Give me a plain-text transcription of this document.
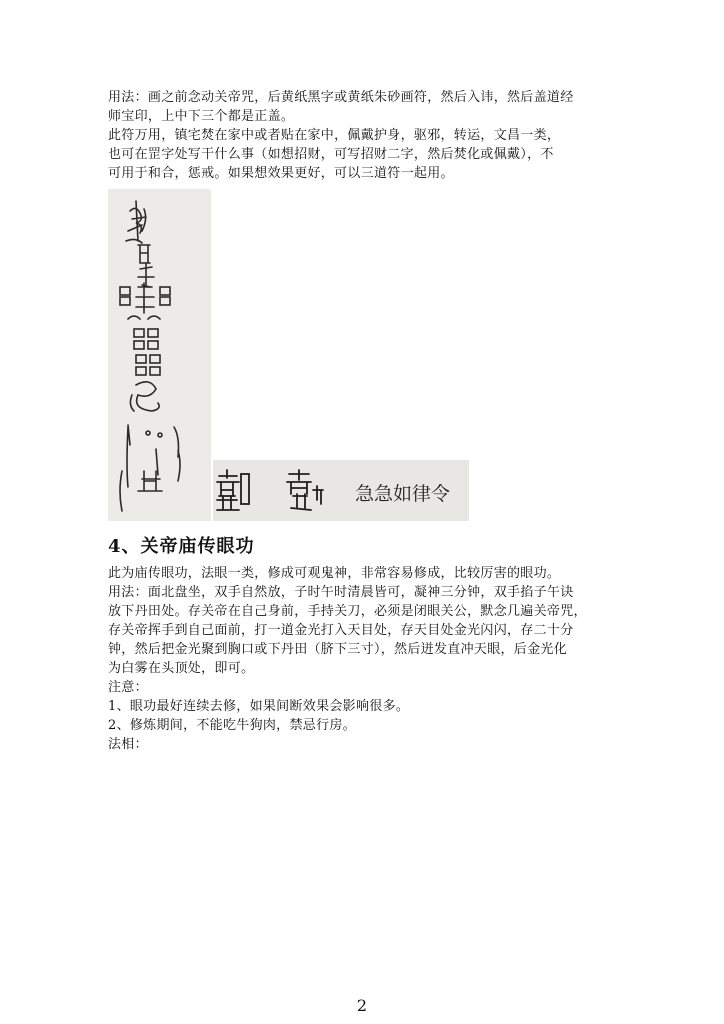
用法：画之前念动关帝咒，后黄纸黑字或黄纸朱砂画符，然后入讳，然后盖道经

师宝印，上中下三个都是正盖。

此符万用，镇宅焚在家中或者贴在家中，佩戴护身，驱邪，转运，文昌一类，

也可在罡字处写干什么事（如想招财，可写招财二字，然后焚化或佩戴），不

可用于和合，惩戒。如果想效果更好，可以三道符一起用。

急急如律令
4、关帝庙传眼功

此为庙传眼功，法眼一类，修成可观鬼神，非常容易修成，比较厉害的眼功。

用法：面北盘坐，双手自然放，子时午时清晨皆可，凝神三分钟，双手掐子午诀

放下丹田处。存关帝在自己身前，手持关刀，必须是闭眼关公，默念几遍关帝咒，

存关帝挥手到自己面前，打一道金光打入天目处，存天目处金光闪闪，存二十分

钟，然后把金光聚到胸口或下丹田（脐下三寸），然后迸发直冲天眼，后金光化

为白雾在头顶处，即可。

注意：

1、眼功最好连续去修，如果间断效果会影响很多。

2、修炼期间，不能吃牛狗肉，禁忌行房。

法相：

2
